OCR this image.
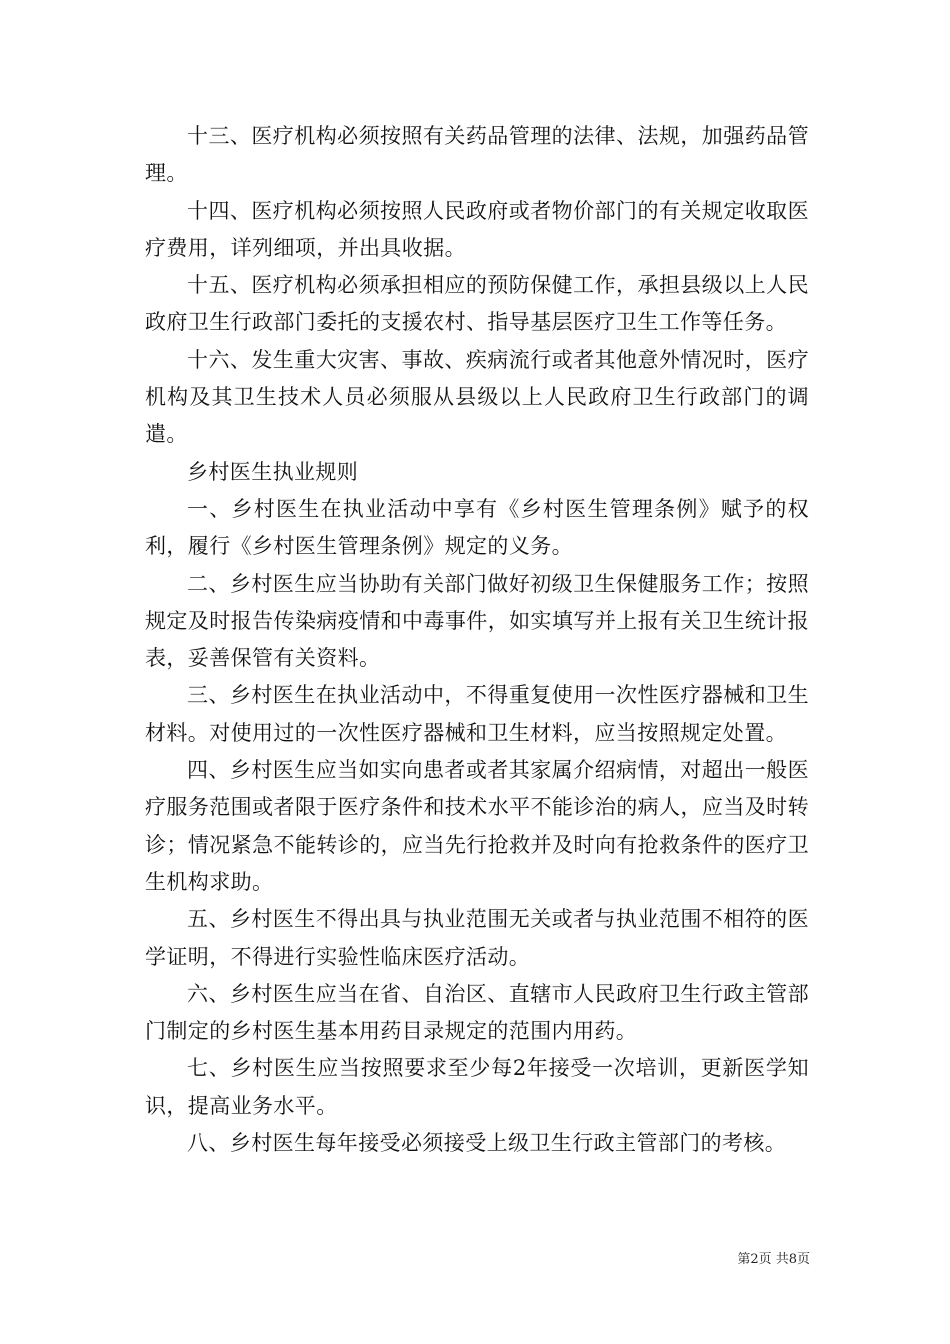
十三、医疗机构必须按照有关药品管理的法律、法规，加强药品管理。

十四、医疗机构必须按照人民政府或者物价部门的有关规定收取医疗费用，详列细项，并出具收据。

十五、医疗机构必须承担相应的预防保健工作，承担县级以上人民政府卫生行政部门委托的支援农村、指导基层医疗卫生工作等任务。

十六、发生重大灾害、事故、疾病流行或者其他意外情况时，医疗机构及其卫生技术人员必须服从县级以上人民政府卫生行政部门的调遣。

乡村医生执业规则

一、乡村医生在执业活动中享有《乡村医生管理条例》赋予的权利，履行《乡村医生管理条例》规定的义务。

二、乡村医生应当协助有关部门做好初级卫生保健服务工作；按照规定及时报告传染病疫情和中毒事件，如实填写并上报有关卫生统计报表，妥善保管有关资料。

三、乡村医生在执业活动中，不得重复使用一次性医疗器械和卫生材料。对使用过的一次性医疗器械和卫生材料，应当按照规定处置。

四、乡村医生应当如实向患者或者其家属介绍病情，对超出一般医疗服务范围或者限于医疗条件和技术水平不能诊治的病人，应当及时转诊；情况紧急不能转诊的，应当先行抢救并及时向有抢救条件的医疗卫生机构求助。

五、乡村医生不得出具与执业范围无关或者与执业范围不相符的医学证明，不得进行实验性临床医疗活动。

六、乡村医生应当在省、自治区、直辖市人民政府卫生行政主管部门制定的乡村医生基本用药目录规定的范围内用药。

七、乡村医生应当按照要求至少每2年接受一次培训，更新医学知识，提高业务水平。

八、乡村医生每年接受必须接受上级卫生行政主管部门的考核。

第2页 共8页
